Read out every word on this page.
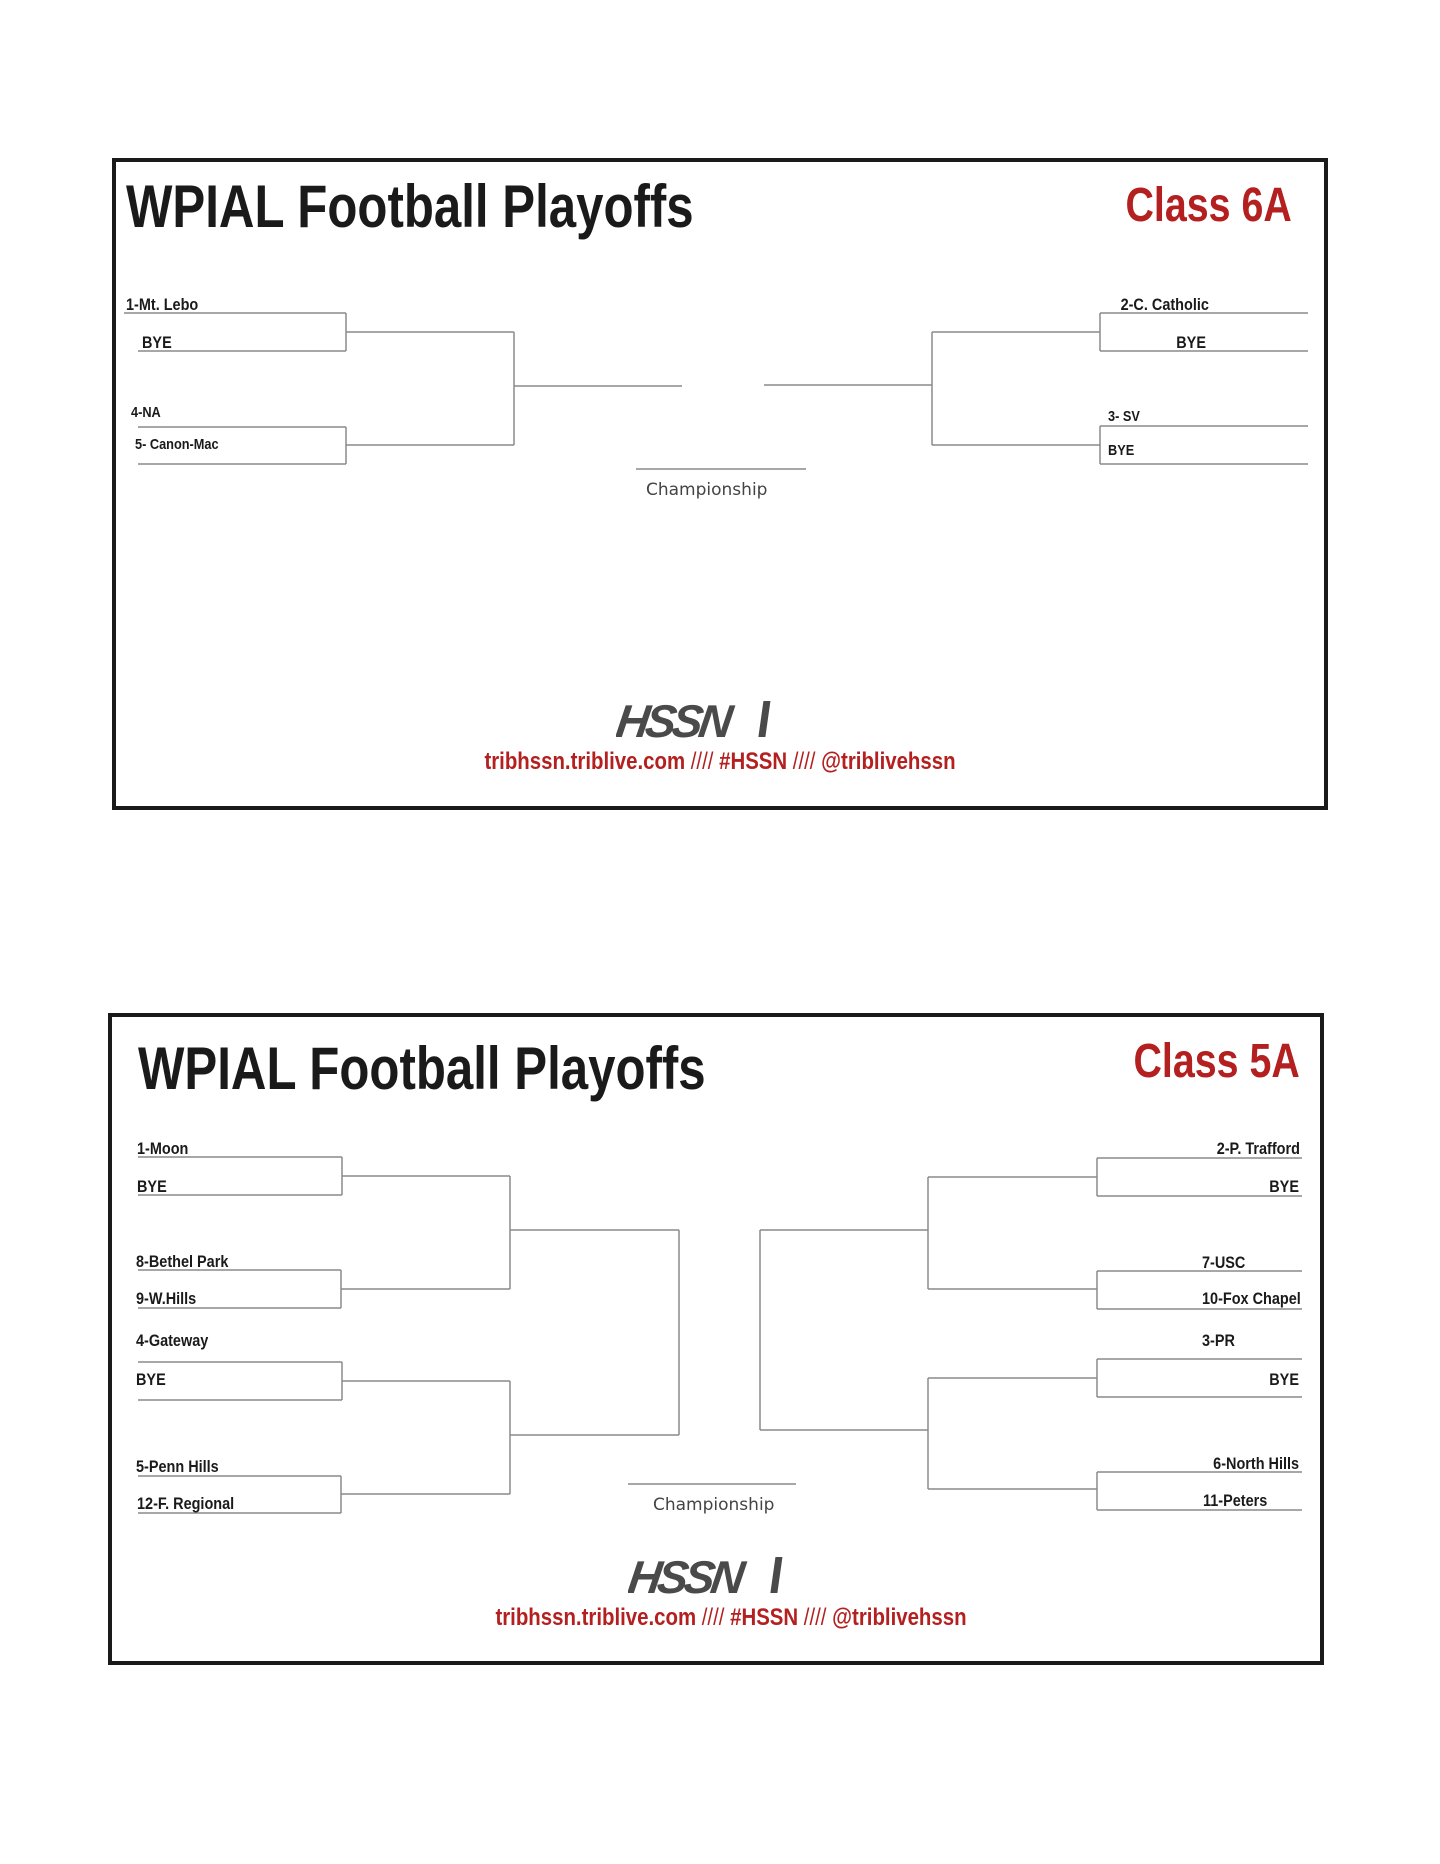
WPIAL Football Playoffs	Class 6A
1-Mt. Lebo
BYE
4-NA
5- Canon-Mac
2-C. Catholic
BYE
3- SV
BYE
Championship
HSSN
tribhssn.triblive.com //// #HSSN //// @triblivehssn
WPIAL Football Playoffs	Class 5A
1-Moon
BYE
8-Bethel Park
9-W.Hills
4-Gateway
BYE
5-Penn Hills
12-F. Regional
2-P. Trafford
BYE
7-USC
10-Fox Chapel
3-PR
BYE
6-North Hills
11-Peters
Championship
HSSN
tribhssn.triblive.com //// #HSSN //// @triblivehssn
